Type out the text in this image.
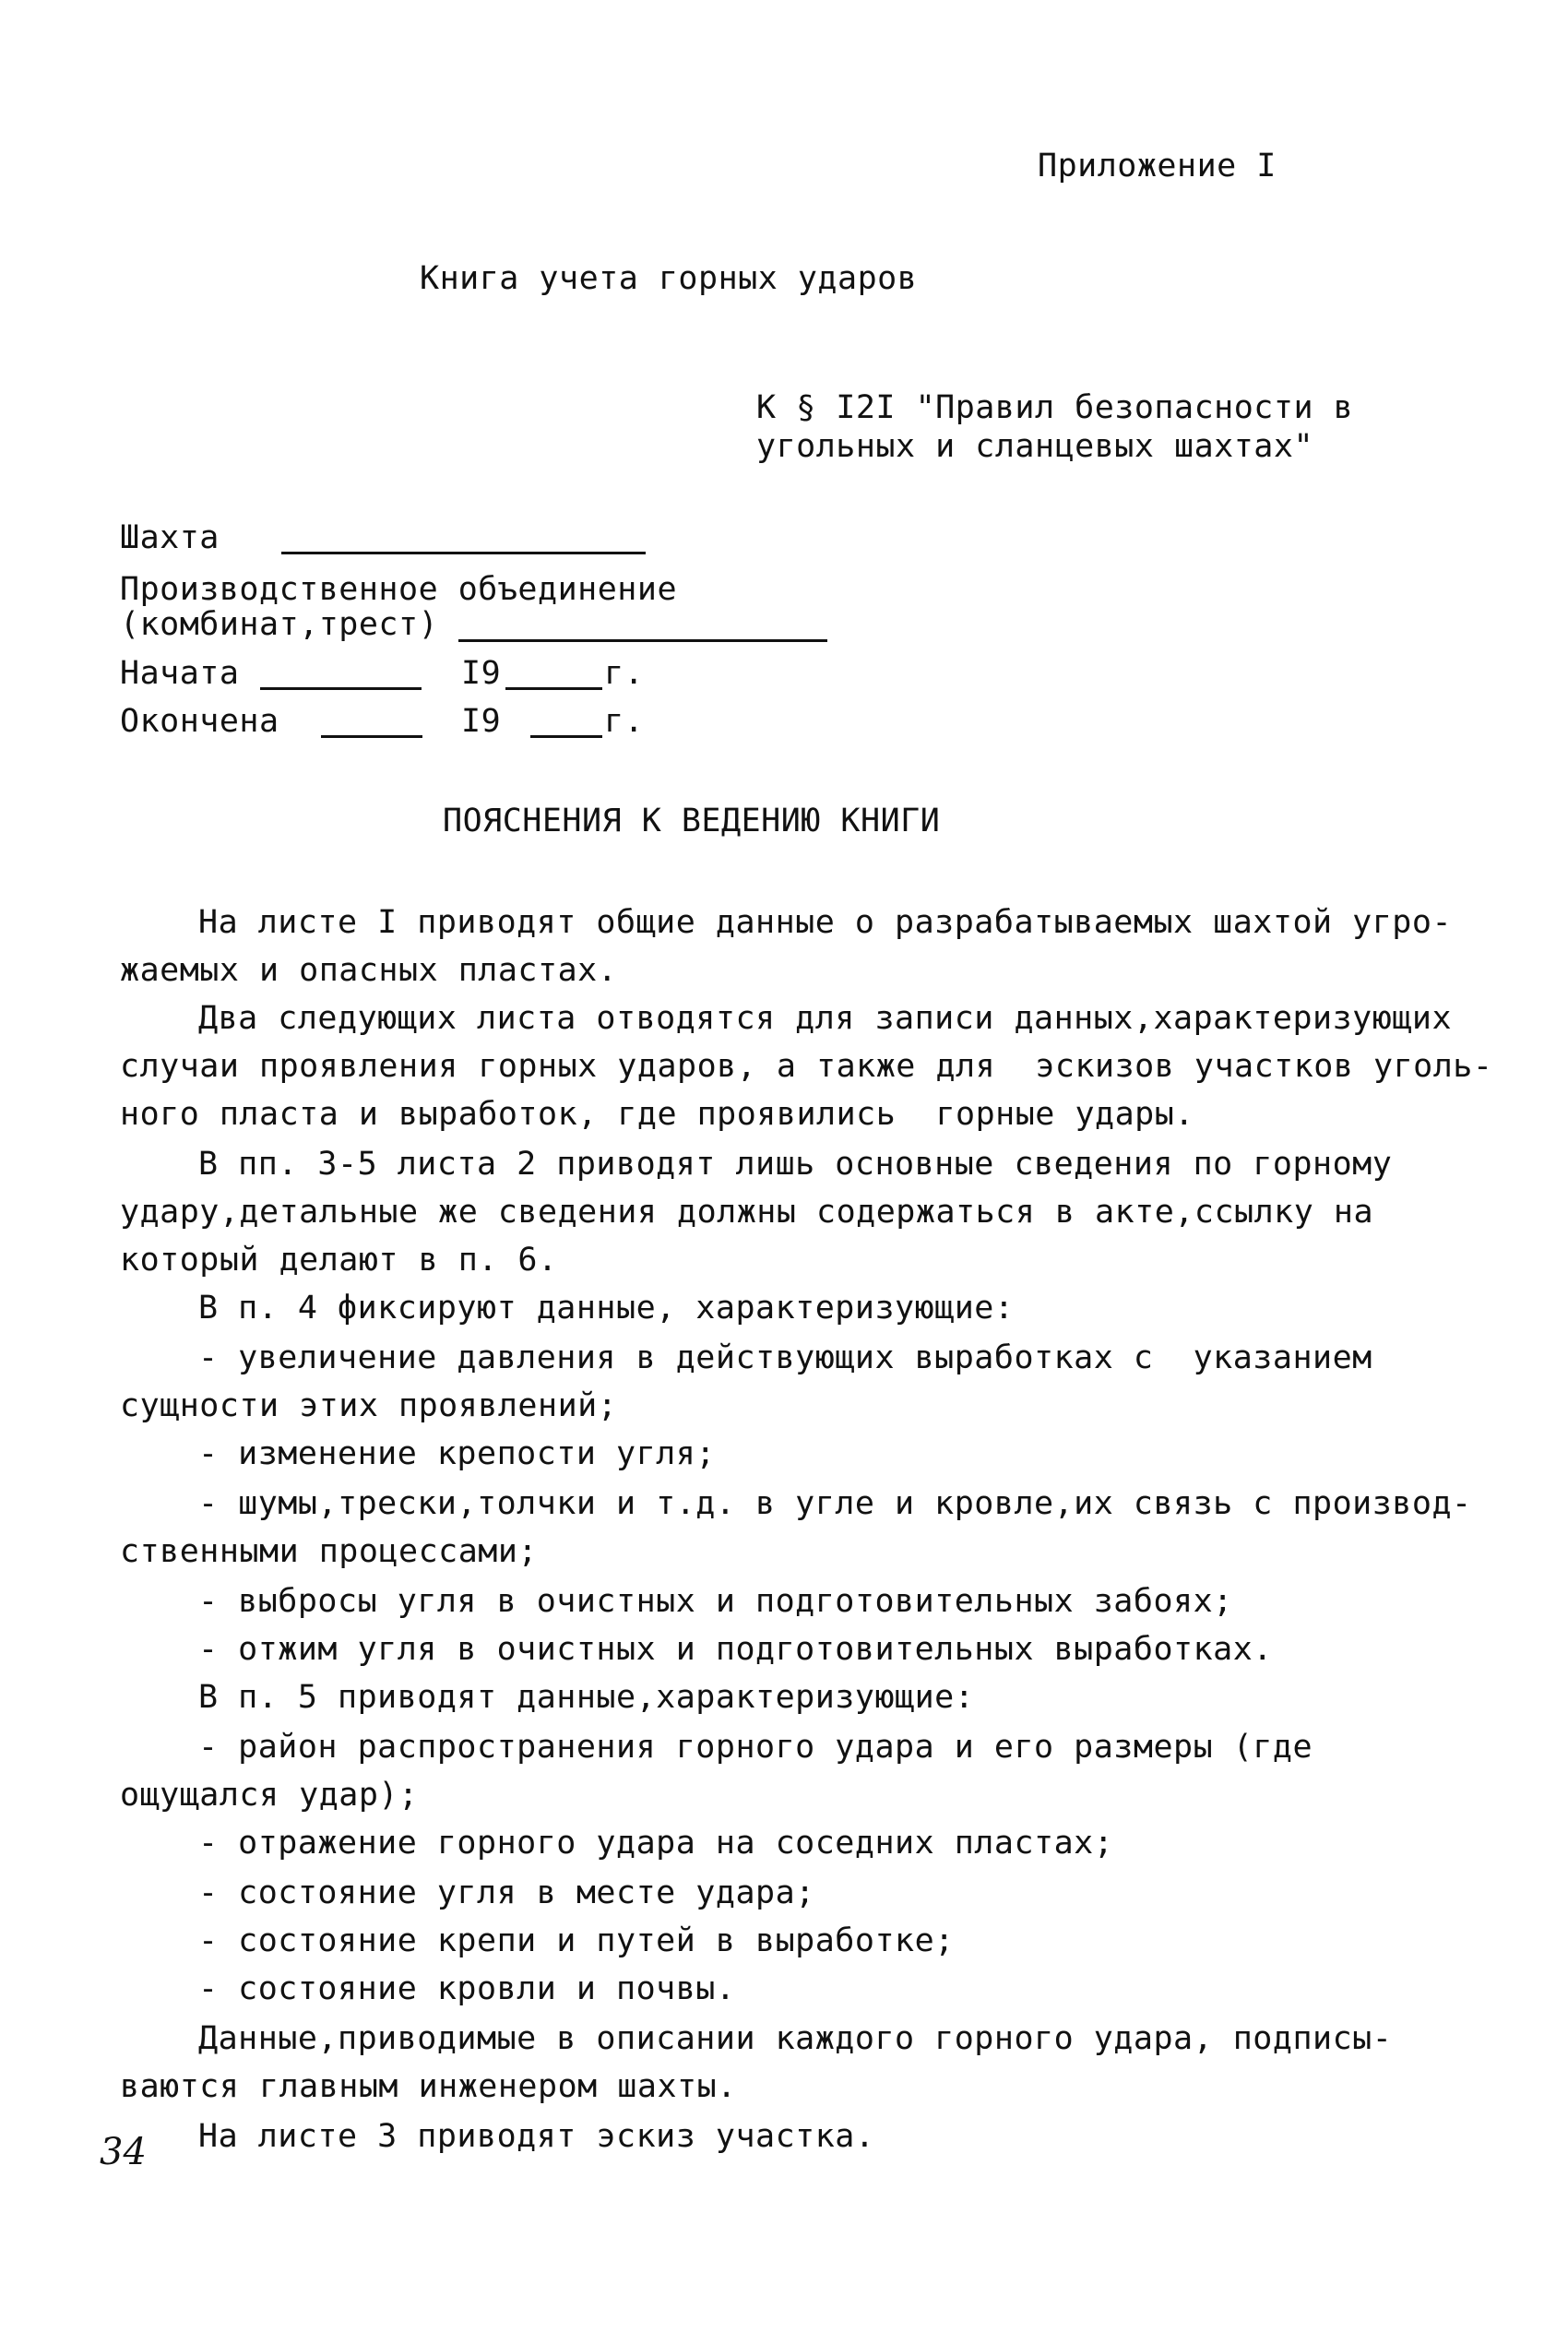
Приложение I
Книга учета горных ударов
К § I2I "Правил безопасности в
угольных и сланцевых шахтах"
Шахта
Производственное объединение
(комбинат,трест)
Начата	I9	г.
Окончена	I9	г.
ПОЯСНЕНИЯ К ВЕДЕНИЮ КНИГИ
На листе I приводят общие данные о разрабатываемых шахтой угро-
жаемых и опасных пластах.
Два следующих листа отводятся для записи данных,характеризующих
случаи проявления горных ударов, а также для  эскизов участков уголь-
ного пласта и выработок, где проявились  горные удары.
В пп. 3-5 листа 2 приводят лишь основные сведения по горному
удару,детальные же сведения должны содержаться в акте,ссылку на
который делают в п. 6.
В п. 4 фиксируют данные, характеризующие:
- увеличение давления в действующих выработках с  указанием
сущности этих проявлений;
- изменение крепости угля;
- шумы,трески,толчки и т.д. в угле и кровле,их связь с производ-
ственными процессами;
- выбросы угля в очистных и подготовительных забоях;
- отжим угля в очистных и подготовительных выработках.
В п. 5 приводят данные,характеризующие:
- район распространения горного удара и его размеры (где
ощущался удар);
- отражение горного удара на соседних пластах;
- состояние угля в месте удара;
- состояние крепи и путей в выработке;
- состояние кровли и почвы.
Данные,приводимые в описании каждого горного удара, подписы-
ваются главным инженером шахты.
На листе 3 приводят эскиз участка.
34
